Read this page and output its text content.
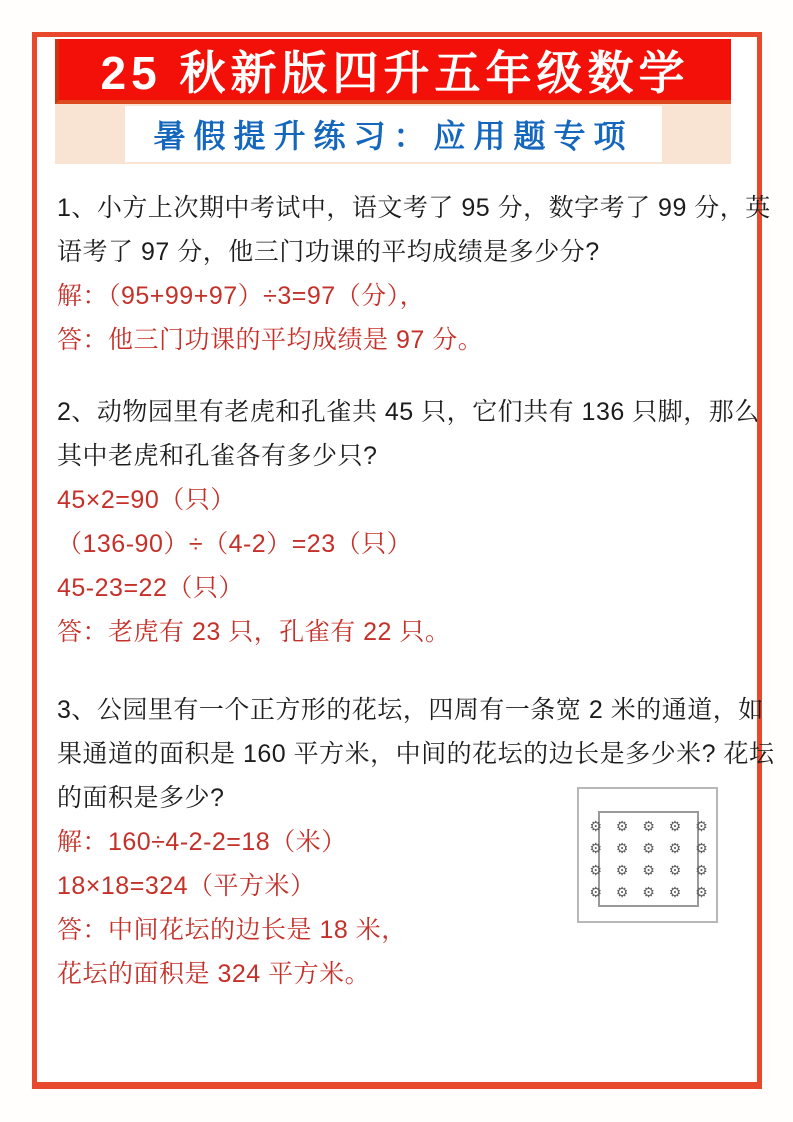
25 秋新版四升五年级数学
暑假提升练习：应用题专项
1、小方上次期中考试中，语文考了 95 分，数字考了 99 分，英
语考了 97 分，他三门功课的平均成绩是多少分?
解：（95+99+97）÷3=97（分），
答：他三门功课的平均成绩是 97 分。
2、动物园里有老虎和孔雀共 45 只，它们共有 136 只脚，那么
其中老虎和孔雀各有多少只?
45×2=90（只）
（136-90）÷（4-2）=23（只）
45-23=22（只）
答：老虎有 23 只，孔雀有 22 只。
3、公园里有一个正方形的花坛，四周有一条宽 2 米的通道，如
果通道的面积是 160 平方米，中间的花坛的边长是多少米? 花坛
的面积是多少?
解：160÷4-2-2=18（米）
18×18=324（平方米）
答：中间花坛的边长是 18 米，
花坛的面积是 324 平方米。
⚙ ⚙ ⚙ ⚙ ⚙
⚙ ⚙ ⚙ ⚙ ⚙
⚙ ⚙ ⚙ ⚙ ⚙
⚙ ⚙ ⚙ ⚙ ⚙
